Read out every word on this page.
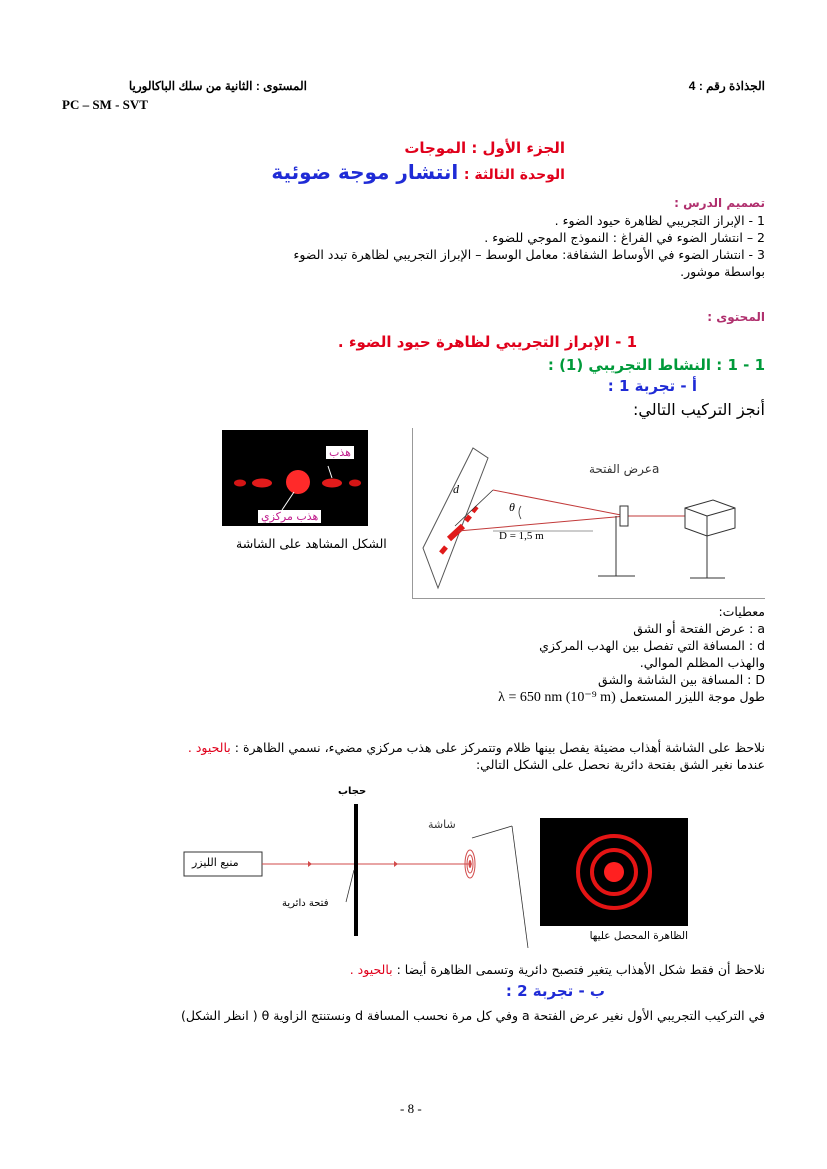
الجذاذة رقم : 4
المستوى : الثانية من سلك الباكالوريا
PC – SM - SVT
الجزء الأول : الموجات
الوحدة الثالثة : انتشار موجة ضوئية
تصميم الدرس :
1 - الإبراز التجريبي لظاهرة حيود الضوء .
2 – انتشار الضوء في الفراغ : النموذج الموجي للضوء .
3 - انتشار الضوء في الأوساط الشفافة: معامل الوسط – الإبراز التجريبي لظاهرة تبدد الضوء
بواسطة موشور.
المحتوى :
1 - الإبراز التجريبي لظاهرة حيود الضوء .
1 - 1 : النشاط التجريبي (1) :
أ - تجربة 1 :
أنجز التركيب التالي:
هذب
هذب مركزي
الشكل المشاهد على الشاشة
aعرض الفتحة
d
θ
D = 1,5 m
معطيات:
a : عرض الفتحة أو الشق
d : المسافة التي تفصل بين الهدب المركزي
والهذب المظلم الموالي.
D : المسافة بين الشاشة والشق
طول موجة الليزر المستعمل λ = 650 nm (10⁻⁹ m)
نلاحظ على الشاشة أهذاب مضيئة يفصل بينها ظلام وتتمركز على هذب مركزي مضيء، نسمي الظاهرة : بالحيود .
عندما نغير الشق بفتحة دائرية نحصل على الشكل التالي:
حجاب
شاشة
منبع الليزر
فتحة دائرية
الظاهرة المحصل عليها
نلاحظ أن فقط شكل الأهذاب يتغير فتصبح دائرية وتسمى الظاهرة أيضا : بالحيود .
ب - تجربة 2 :
في التركيب التجريبي الأول نغير عرض الفتحة a وفي كل مرة نحسب المسافة d ونستنتج الزاوية θ ( انظر الشكل)
- 8 -
